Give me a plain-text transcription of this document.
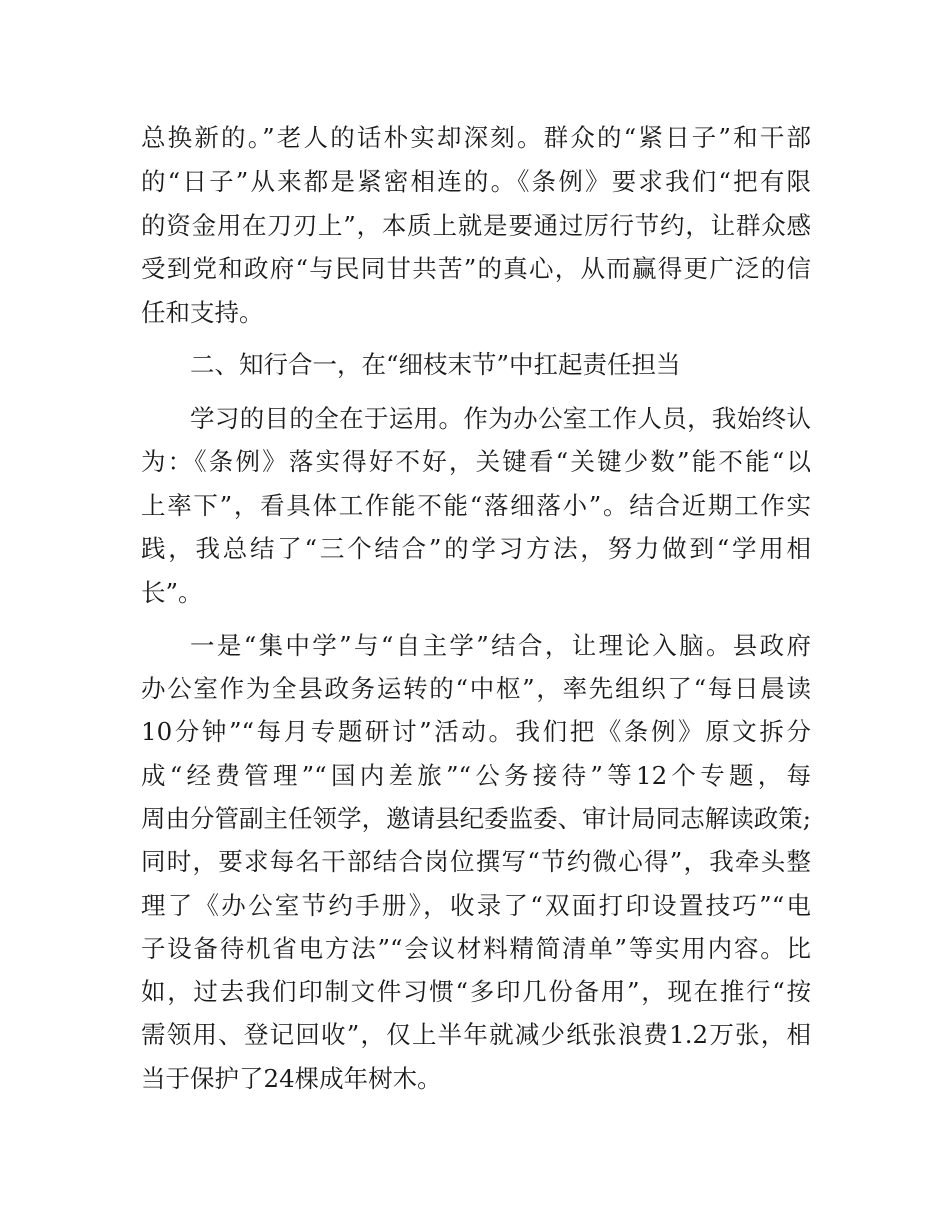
总换新的。”老人的话朴实却深刻。群众的“紧日子”和干部
的“日子”从来都是紧密相连的。《条例》要求我们“把有限
的资金用在刀刃上”，本质上就是要通过厉行节约，让群众感
受到党和政府“与民同甘共苦”的真心，从而赢得更广泛的信
任和支持。
二、知行合一，在“细枝末节”中扛起责任担当
学习的目的全在于运用。作为办公室工作人员，我始终认
为：《条例》落实得好不好，关键看“关键少数”能不能“以
上率下”，看具体工作能不能“落细落小”。结合近期工作实
践，我总结了“三个结合”的学习方法，努力做到“学用相
长”。
一是“集中学”与“自主学”结合，让理论入脑。县政府
办公室作为全县政务运转的“中枢”，率先组织了“每日晨读
10分钟”“每月专题研讨”活动。我们把《条例》原文拆分
成“经费管理”“国内差旅”“公务接待”等12个专题，每
周由分管副主任领学，邀请县纪委监委、审计局同志解读政策;
同时，要求每名干部结合岗位撰写“节约微心得”，我牵头整
理了《办公室节约手册》，收录了“双面打印设置技巧”“电
子设备待机省电方法”“会议材料精简清单”等实用内容。比
如，过去我们印制文件习惯“多印几份备用”，现在推行“按
需领用、登记回收”，仅上半年就减少纸张浪费1.2万张，相
当于保护了24棵成年树木。
